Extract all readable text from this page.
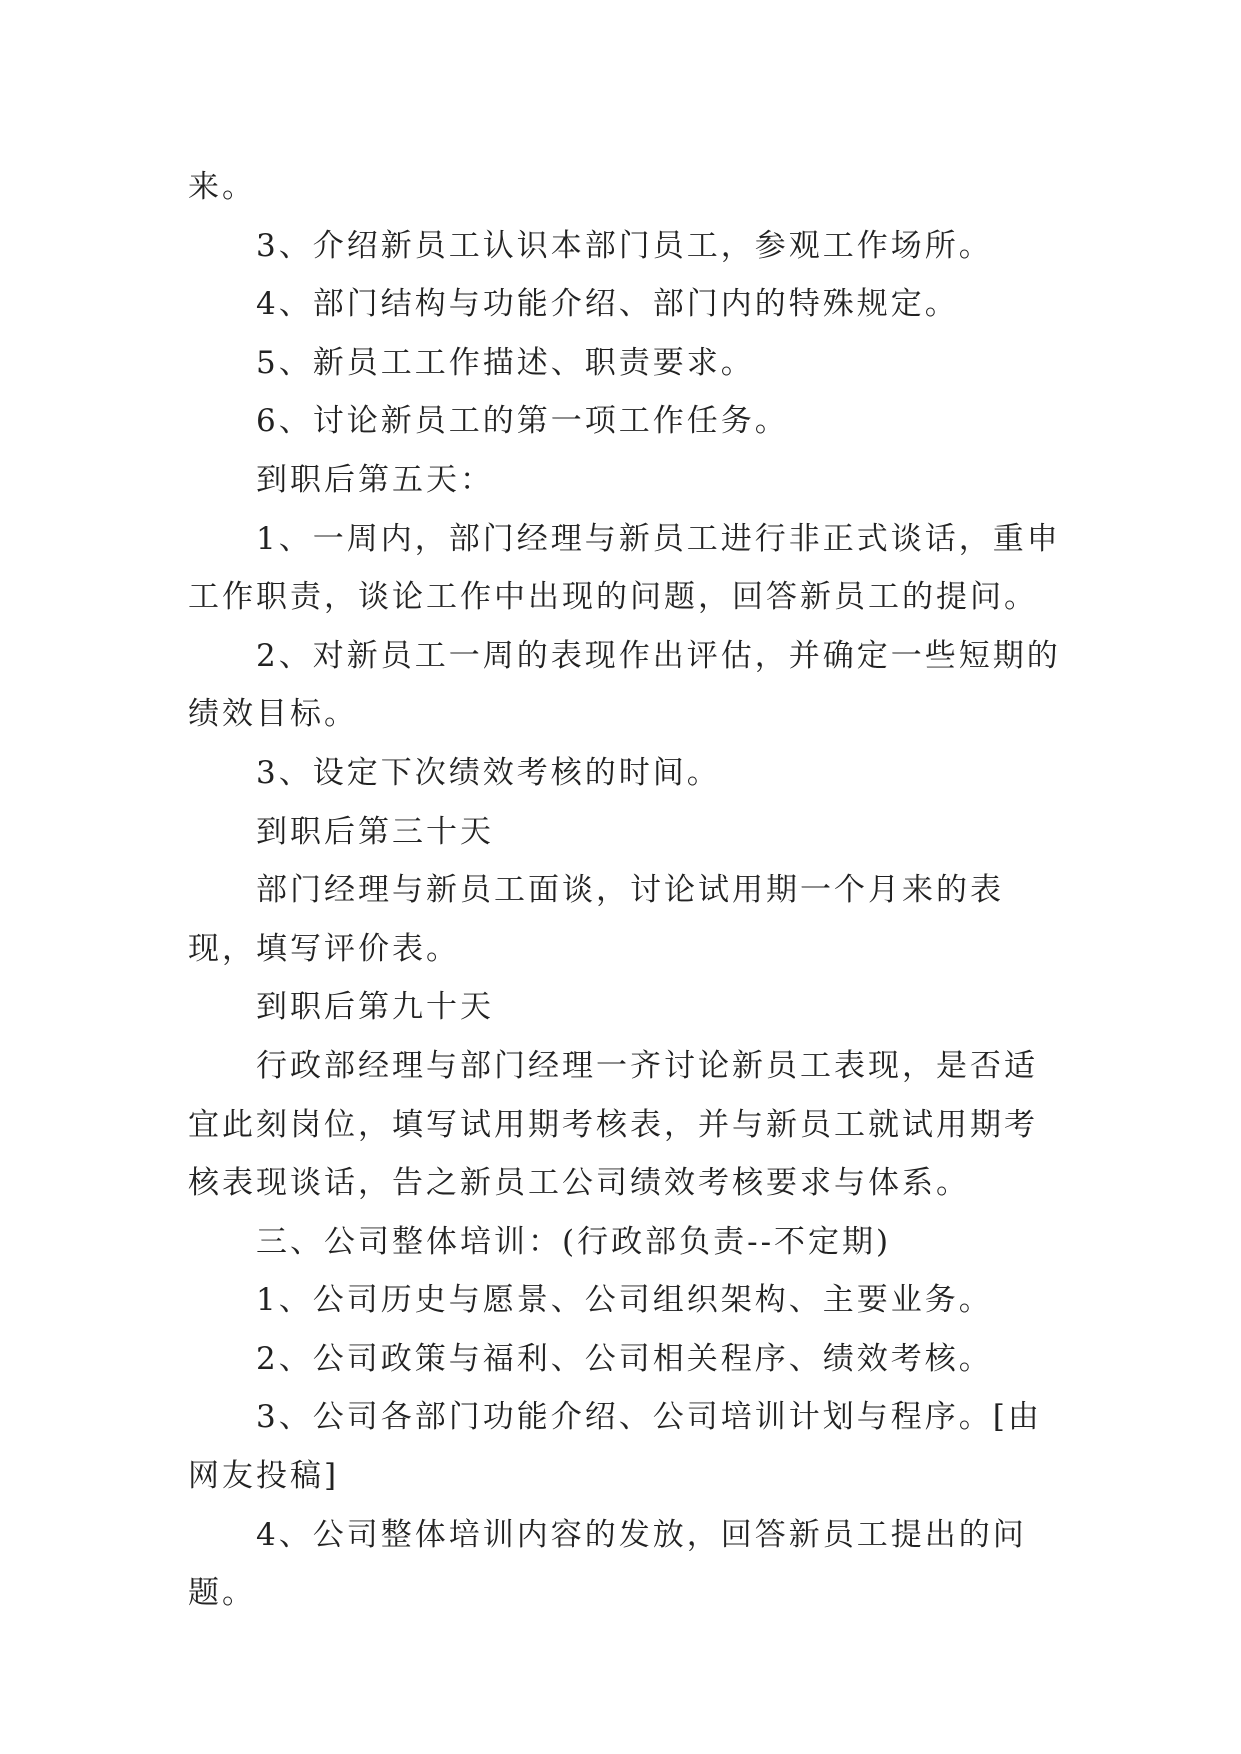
来。

3、介绍新员工认识本部门员工，参观工作场所。

4、部门结构与功能介绍、部门内的特殊规定。

5、新员工工作描述、职责要求。

6、讨论新员工的第一项工作任务。

到职后第五天：

1、一周内，部门经理与新员工进行非正式谈话，重申工作职责，谈论工作中出现的问题，回答新员工的提问。

2、对新员工一周的表现作出评估，并确定一些短期的绩效目标。

3、设定下次绩效考核的时间。

到职后第三十天

部门经理与新员工面谈，讨论试用期一个月来的表现，填写评价表。

到职后第九十天

行政部经理与部门经理一齐讨论新员工表现，是否适宜此刻岗位，填写试用期考核表，并与新员工就试用期考核表现谈话，告之新员工公司绩效考核要求与体系。

三、公司整体培训：(行政部负责--不定期)

1、公司历史与愿景、公司组织架构、主要业务。

2、公司政策与福利、公司相关程序、绩效考核。

3、公司各部门功能介绍、公司培训计划与程序。[由网友投稿]

4、公司整体培训内容的发放，回答新员工提出的问题。
